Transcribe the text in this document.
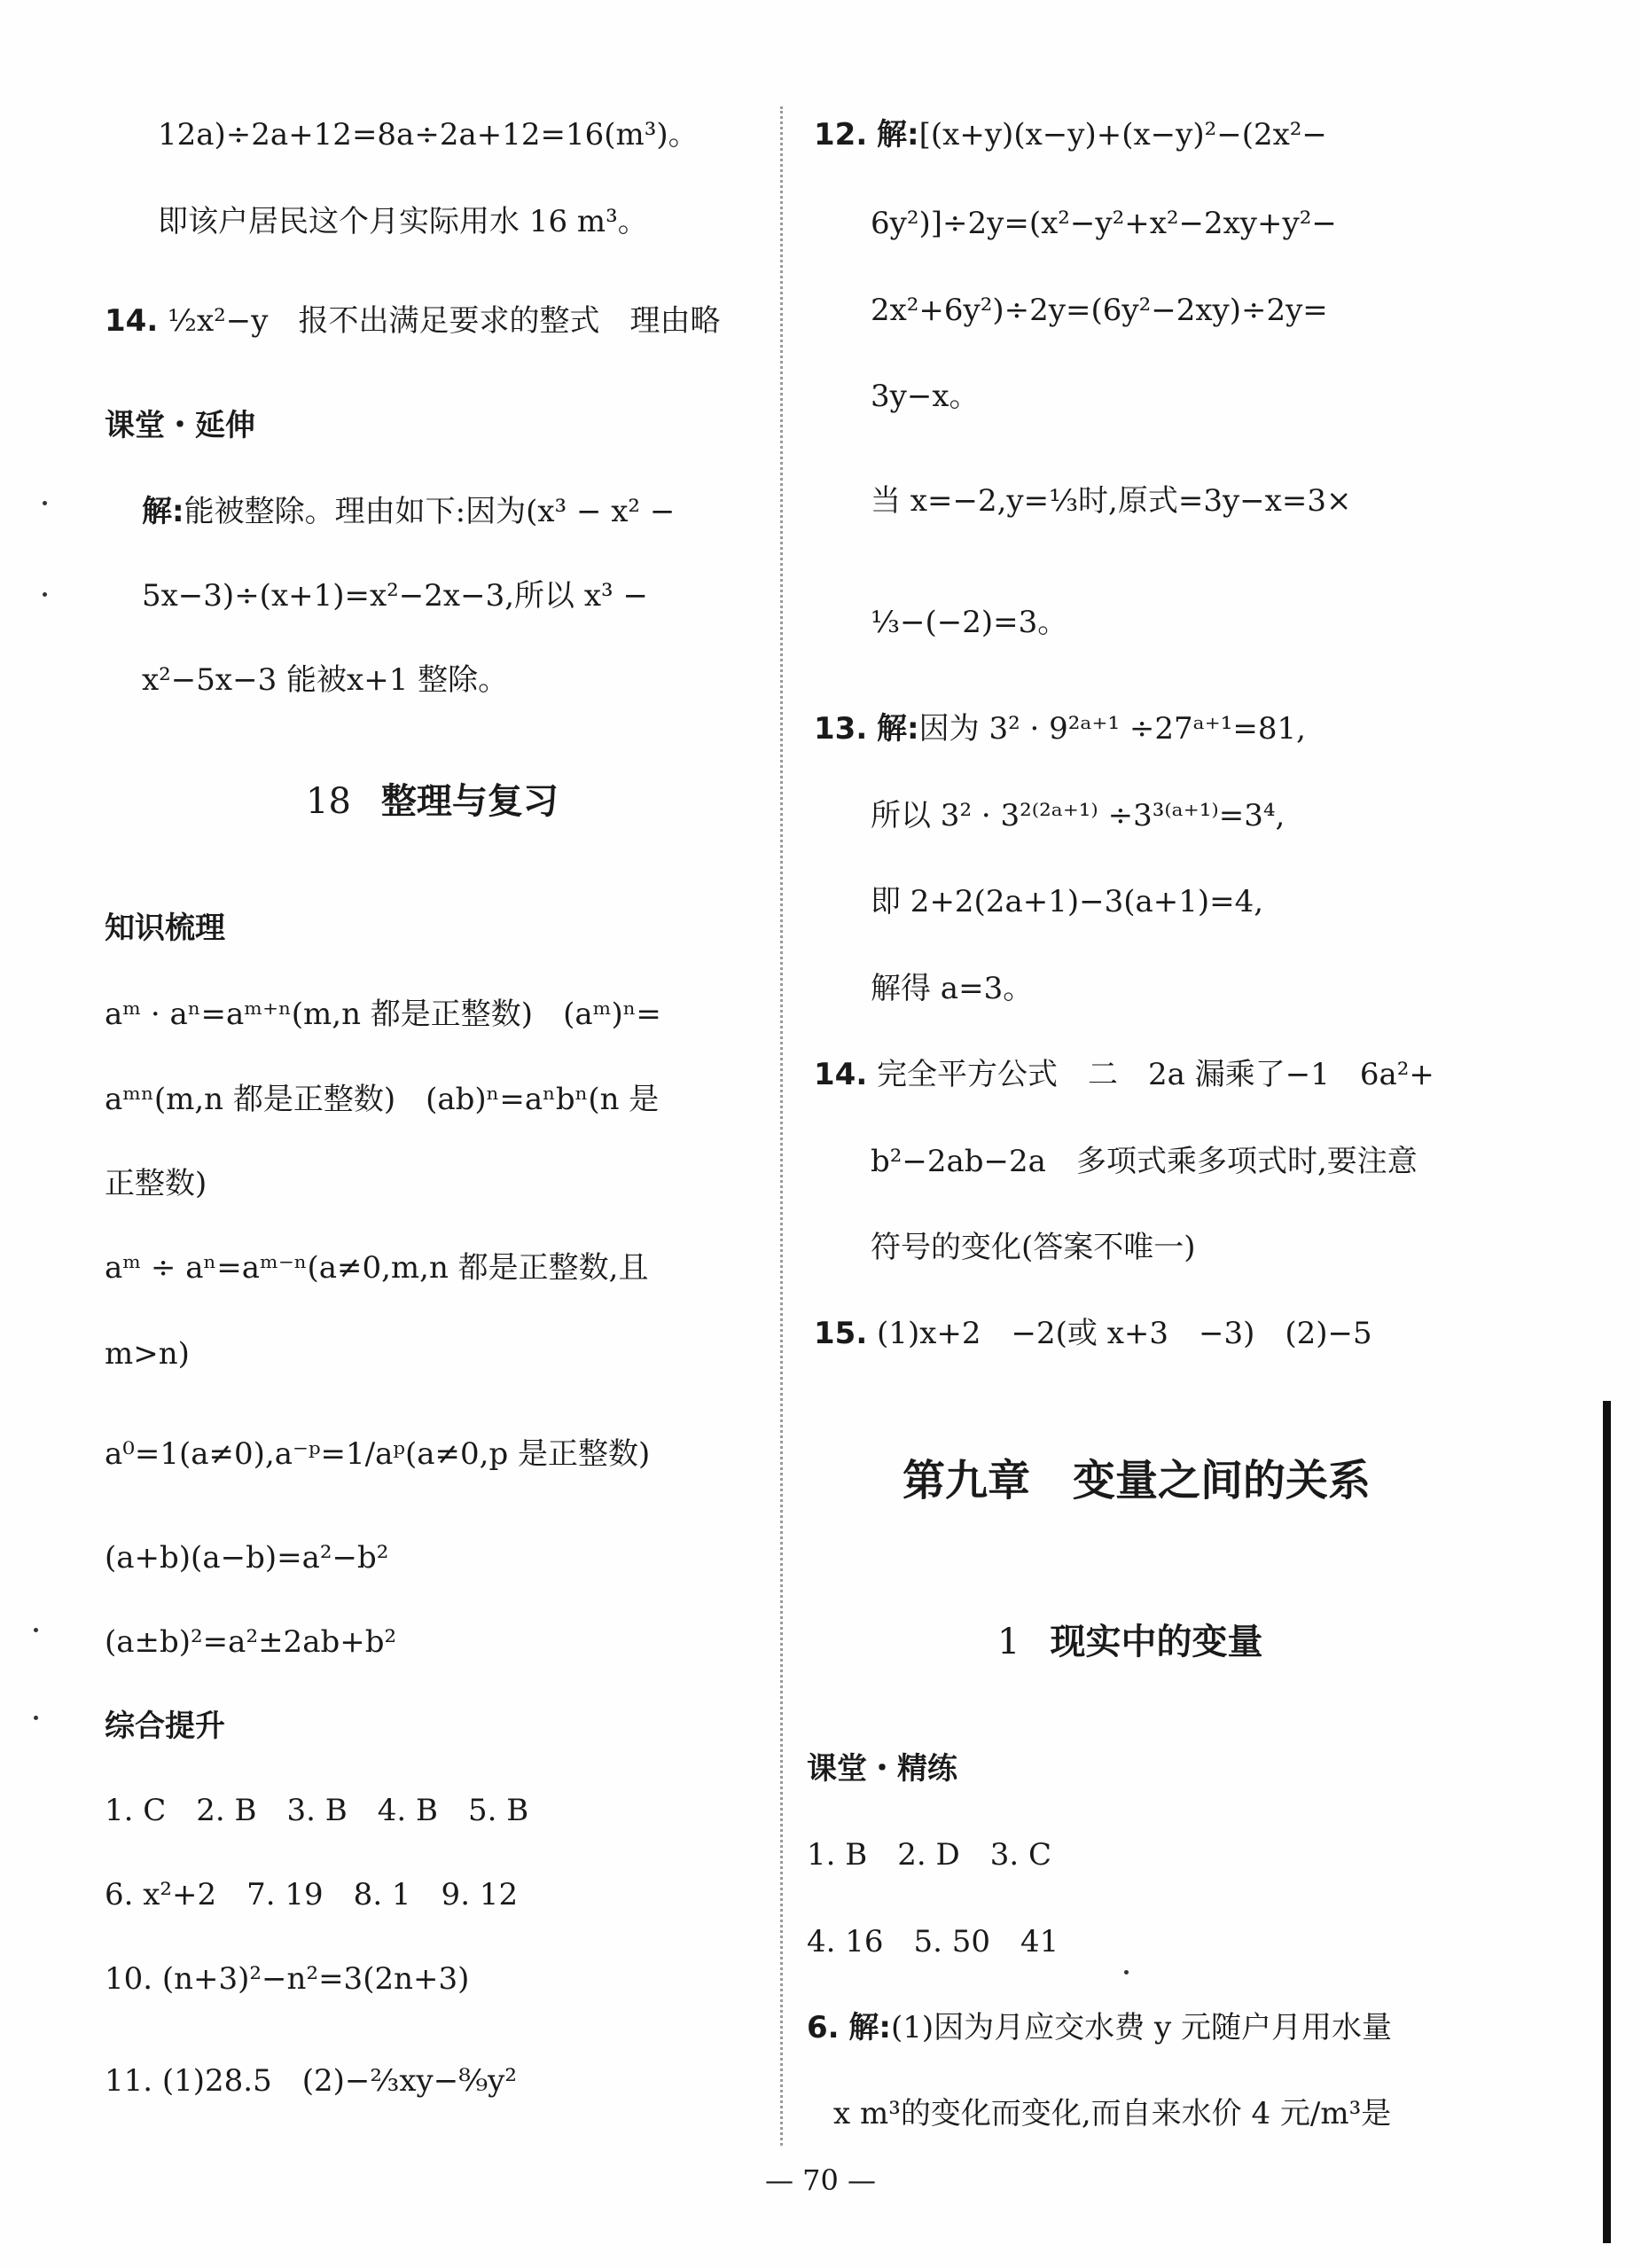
12a)÷2a+12=8a÷2a+12=16(m³)。
即该户居民这个月实际用水 16 m³。
14. ½x²−y　报不出满足要求的整式　理由略
课堂・延伸
解:能被整除。理由如下:因为(x³ − x² −
5x−3)÷(x+1)=x²−2x−3,所以 x³ −
x²−5x−3 能被x+1 整除。
18 整理与复习
知识梳理
aᵐ · aⁿ=aᵐ⁺ⁿ(m,n 都是正整数)　(aᵐ)ⁿ=
aᵐⁿ(m,n 都是正整数)　(ab)ⁿ=aⁿbⁿ(n 是
正整数)
aᵐ ÷ aⁿ=aᵐ⁻ⁿ(a≠0,m,n 都是正整数,且
m>n)
a⁰=1(a≠0),a⁻ᵖ=1/aᵖ(a≠0,p 是正整数)
(a+b)(a−b)=a²−b²
(a±b)²=a²±2ab+b²
综合提升
1. C　2. B　3. B　4. B　5. B
6. x²+2　7. 19　8. 1　9. 12
10. (n+3)²−n²=3(2n+3)
11. (1)28.5　(2)−⅔xy−⁸⁄₉y²
12. 解:[(x+y)(x−y)+(x−y)²−(2x²−
6y²)]÷2y=(x²−y²+x²−2xy+y²−
2x²+6y²)÷2y=(6y²−2xy)÷2y=
3y−x。
当 x=−2,y=⅓时,原式=3y−x=3×
⅓−(−2)=3。
13. 解:因为 3² · 9²ᵃ⁺¹ ÷27ᵃ⁺¹=81,
所以 3² · 3²⁽²ᵃ⁺¹⁾ ÷3³⁽ᵃ⁺¹⁾=3⁴,
即 2+2(2a+1)−3(a+1)=4,
解得 a=3。
14. 完全平方公式　二　2a 漏乘了−1　6a²+
b²−2ab−2a　多项式乘多项式时,要注意
符号的变化(答案不唯一)
15. (1)x+2　−2(或 x+3　−3)　(2)−5
第九章　变量之间的关系
1 现实中的变量
课堂・精练
1. B　2. D　3. C
4. 16　5. 50　41
6. 解:(1)因为月应交水费 y 元随户月用水量
x m³的变化而变化,而自来水价 4 元/m³是
— 70 —
